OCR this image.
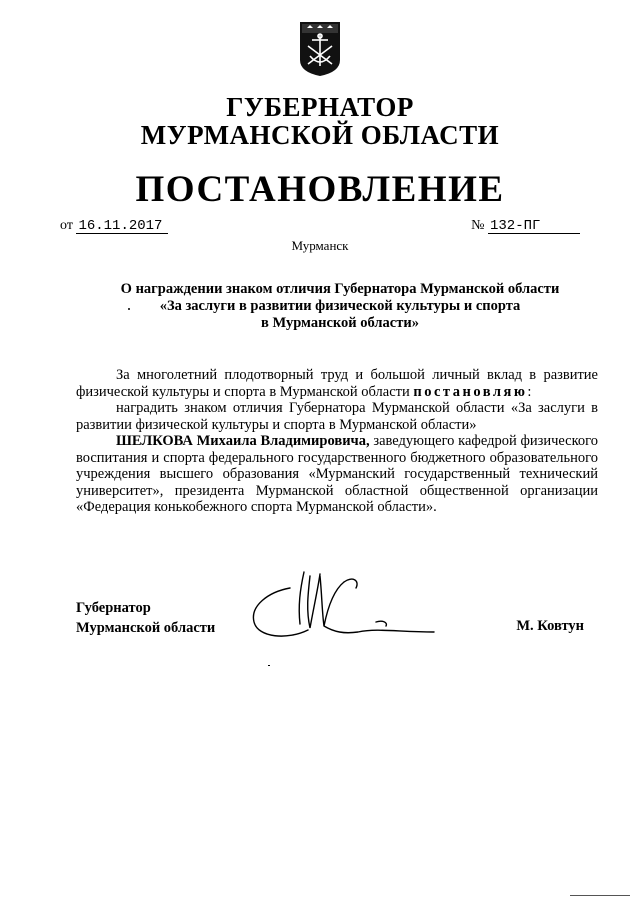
ГУБЕРНАТОР
МУРМАНСКОЙ ОБЛАСТИ
ПОСТАНОВЛЕНИЕ
от 16.11.2017	№ 132-ПГ
Мурманск
О награждении знаком отличия Губернатора Мурманской области
«За заслуги в развитии физической культуры и спорта
в Мурманской области»

За многолетний плодотворный труд и большой личный вклад в развитие физической культуры и спорта в Мурманской области постановляю:

наградить знаком отличия Губернатора Мурманской области «За заслуги в развитии физической культуры и спорта в Мурманской области»

ШЕЛКОВА Михаила Владимировича, заведующего кафедрой физического воспитания и спорта федерального государственного бюджетного образовательного учреждения высшего образования «Мурманский государственный технический университет», президента Мурманской областной общественной организации «Федерация конькобежного спорта Мурманской области».

Губернатор
Мурманской области	М. Ковтун
